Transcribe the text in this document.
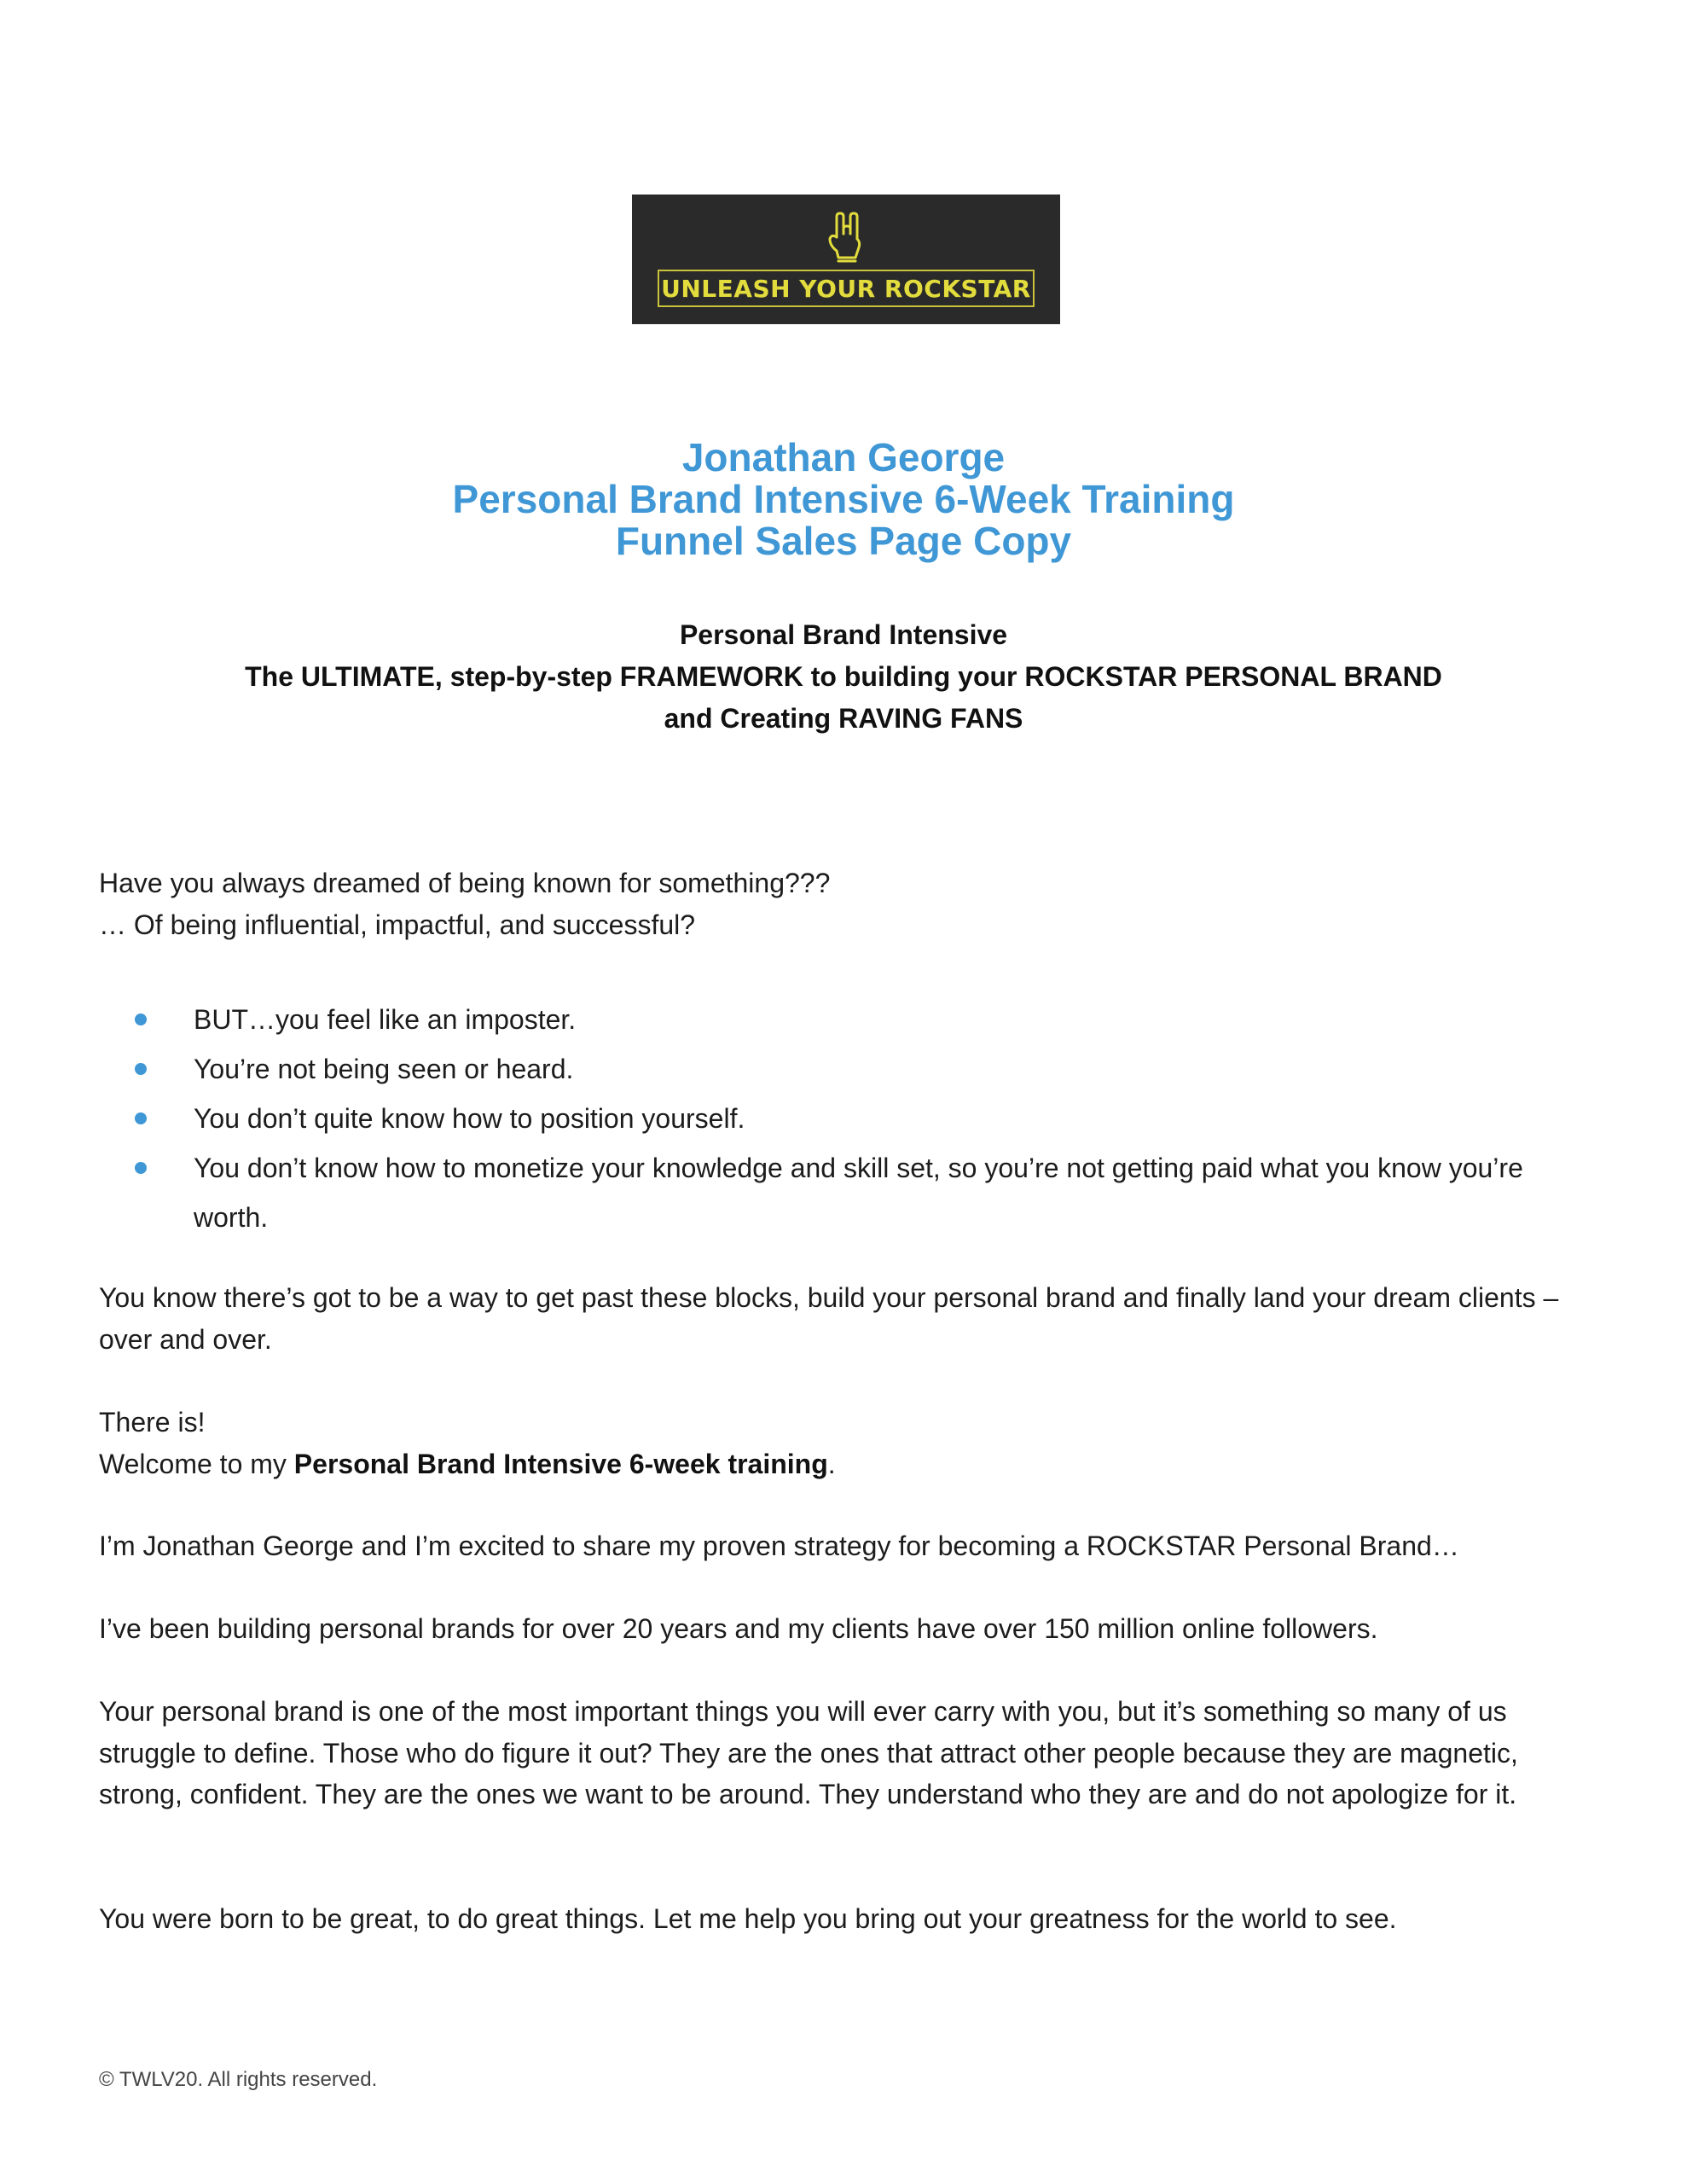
UNLEASH YOUR ROCKSTAR
Jonathan George
Personal Brand Intensive 6-Week Training
Funnel Sales Page Copy
Personal Brand Intensive
The ULTIMATE, step-by-step FRAMEWORK to building your ROCKSTAR PERSONAL BRAND
and Creating RAVING FANS
Have you always dreamed of being known for something???
… Of being influential, impactful, and successful?
BUT…you feel like an imposter.
You’re not being seen or heard.
You don’t quite know how to position yourself.
You don’t know how to monetize your knowledge and skill set, so you’re not getting paid what you know you’re worth.
You know there’s got to be a way to get past these blocks, build your personal brand and finally land your dream clients – over and over.
There is!
Welcome to my Personal Brand Intensive 6-week training.
I’m Jonathan George and I’m excited to share my proven strategy for becoming a ROCKSTAR Personal Brand…
I’ve been building personal brands for over 20 years and my clients have over 150 million online followers.
Your personal brand is one of the most important things you will ever carry with you, but it’s something so many of us struggle to define. Those who do figure it out? They are the ones that attract other people because they are magnetic, strong, confident. They are the ones we want to be around. They understand who they are and do not apologize for it.
You were born to be great, to do great things. Let me help you bring out your greatness for the world to see.
© TWLV20. All rights reserved.
